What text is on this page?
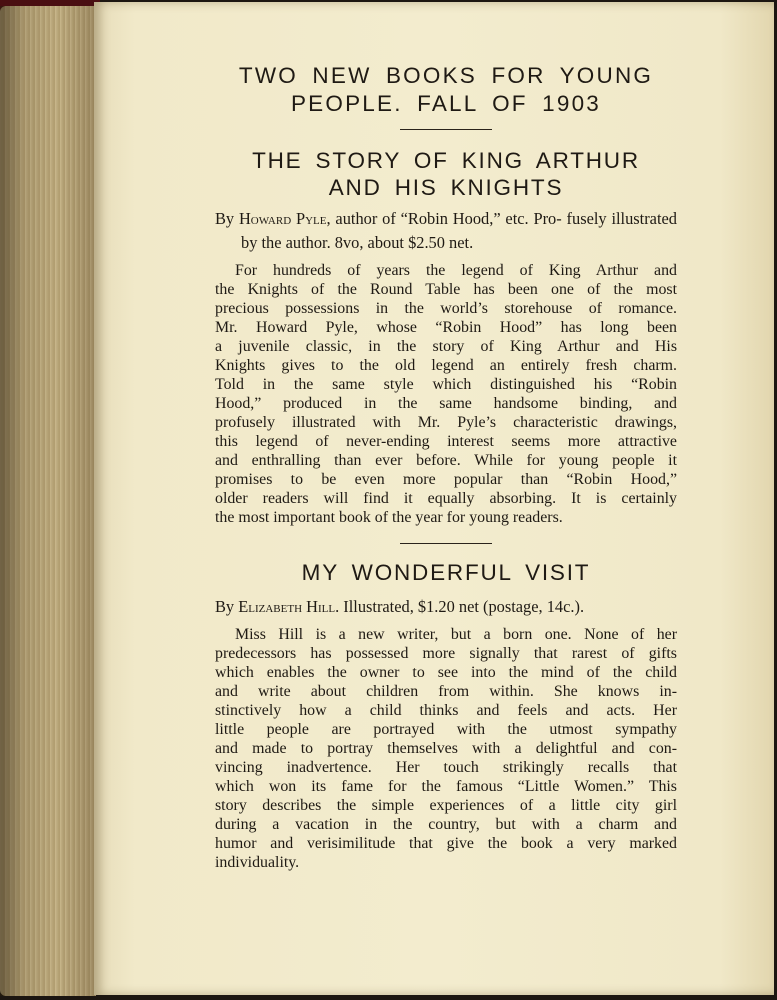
TWO NEW BOOKS FOR YOUNG
PEOPLE. FALL OF 1903
THE STORY OF KING ARTHUR
AND HIS KNIGHTS

By Howard Pyle, author of “Robin Hood,” etc. Pro- fusely illustrated by the author. 8vo, about $2.50 net.

For hundreds of years the legend of King Arthur and
the Knights of the Round Table has been one of the most
precious possessions in the world’s storehouse of romance.
Mr. Howard Pyle, whose “Robin Hood” has long been
a juvenile classic, in the story of King Arthur and His
Knights gives to the old legend an entirely fresh charm.
Told in the same style which distinguished his “Robin
Hood,” produced in the same handsome binding, and
profusely illustrated with Mr. Pyle’s characteristic drawings,
this legend of never-ending interest seems more attractive
and enthralling than ever before. While for young people it
promises to be even more popular than “Robin Hood,”
older readers will find it equally absorbing. It is certainly
the most important book of the year for young readers.
MY WONDERFUL VISIT

By Elizabeth Hill. Illustrated, $1.20 net (postage, 14c.).

Miss Hill is a new writer, but a born one. None of her
predecessors has possessed more signally that rarest of gifts
which enables the owner to see into the mind of the child
and write about children from within. She knows in-
stinctively how a child thinks and feels and acts. Her
little people are portrayed with the utmost sympathy
and made to portray themselves with a delightful and con-
vincing inadvertence. Her touch strikingly recalls that
which won its fame for the famous “Little Women.” This
story describes the simple experiences of a little city girl
during a vacation in the country, but with a charm and
humor and verisimilitude that give the book a very marked
individuality.
